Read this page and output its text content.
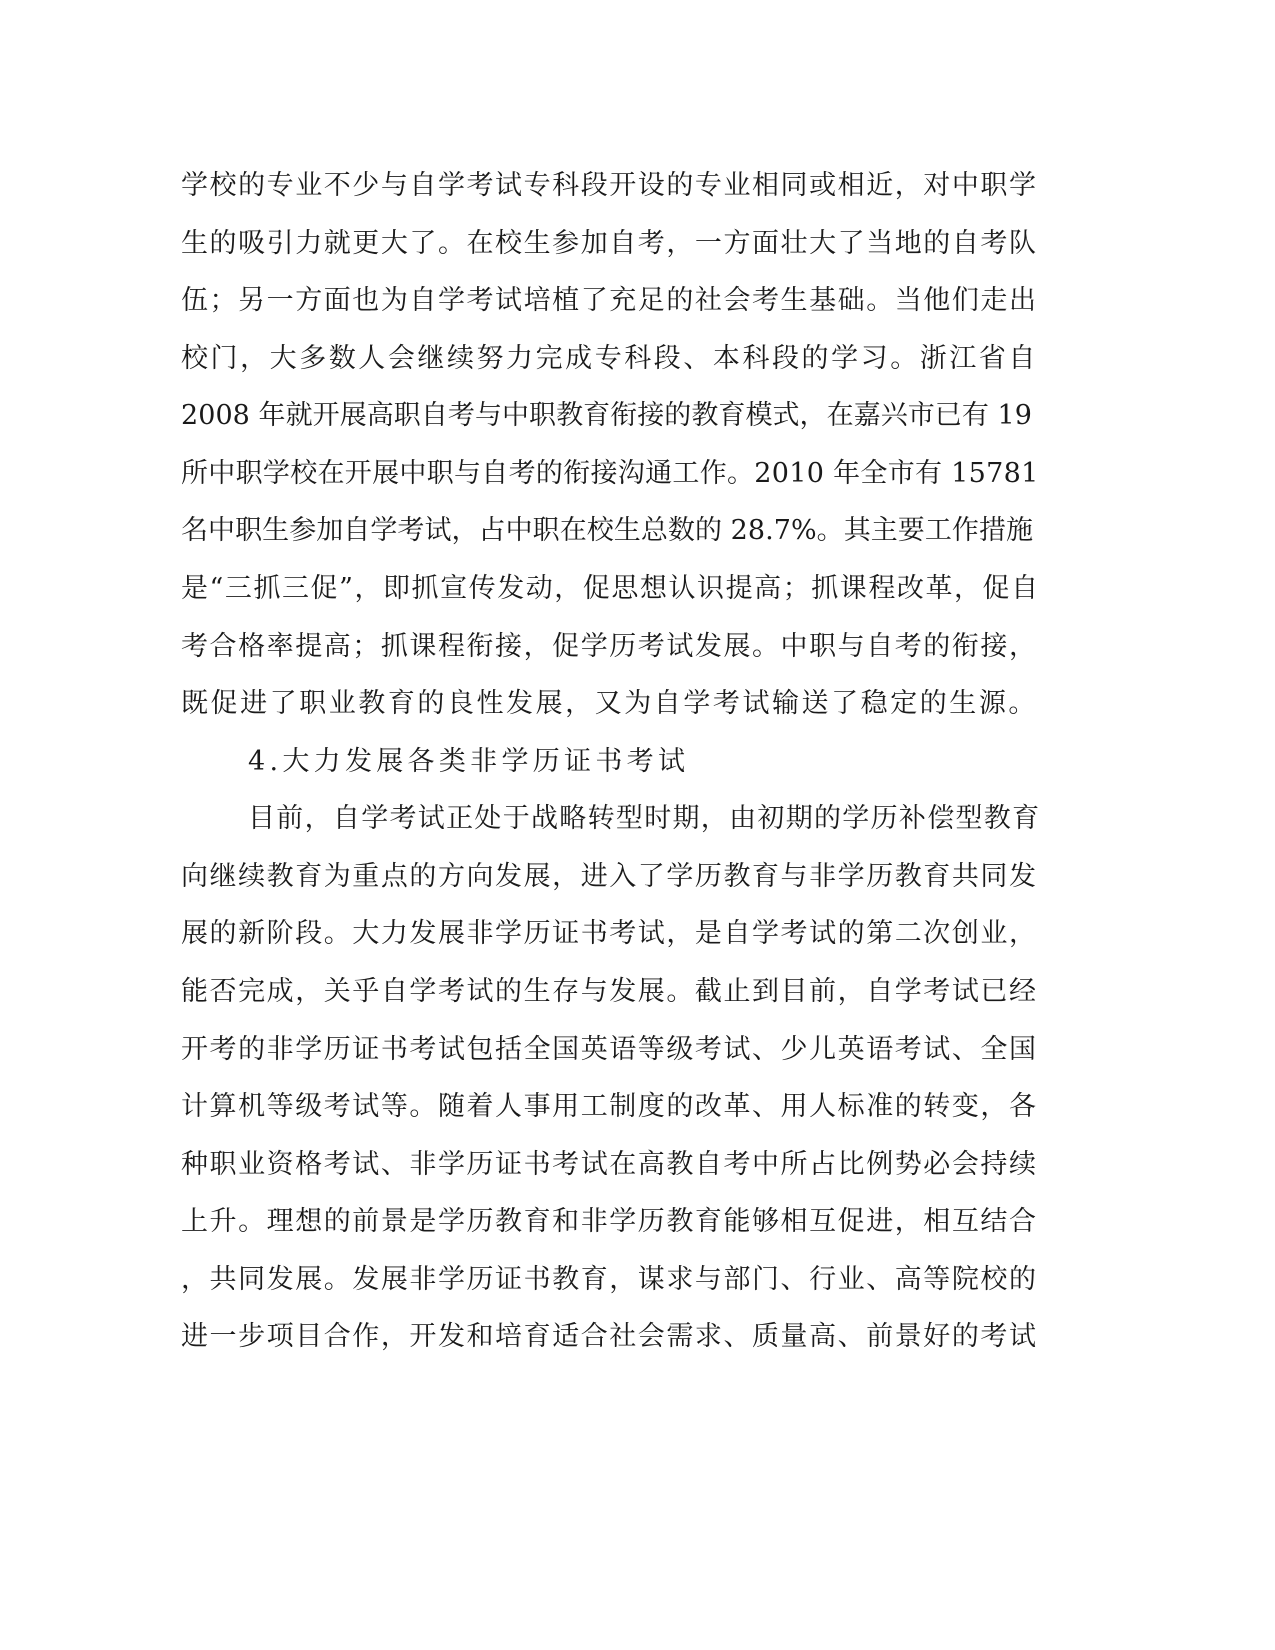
学校的专业不少与自学考试专科段开设的专业相同或相近，对中职学

生的吸引力就更大了。在校生参加自考，一方面壮大了当地的自考队

伍；另一方面也为自学考试培植了充足的社会考生基础。当他们走出

校门，大多数人会继续努力完成专科段、本科段的学习。浙江省自

2008 年就开展高职自考与中职教育衔接的教育模式，在嘉兴市已有 19

所中职学校在开展中职与自考的衔接沟通工作。2010 年全市有 15781

名中职生参加自学考试，占中职在校生总数的 28.7%。其主要工作措施

是“三抓三促”，即抓宣传发动，促思想认识提高；抓课程改革，促自

考合格率提高；抓课程衔接，促学历考试发展。中职与自考的衔接，

既促进了职业教育的良性发展，又为自学考试输送了稳定的生源。

4.大力发展各类非学历证书考试

目前，自学考试正处于战略转型时期，由初期的学历补偿型教育

向继续教育为重点的方向发展，进入了学历教育与非学历教育共同发

展的新阶段。大力发展非学历证书考试，是自学考试的第二次创业，

能否完成，关乎自学考试的生存与发展。截止到目前，自学考试已经

开考的非学历证书考试包括全国英语等级考试、少儿英语考试、全国

计算机等级考试等。随着人事用工制度的改革、用人标准的转变，各

种职业资格考试、非学历证书考试在高教自考中所占比例势必会持续

上升。理想的前景是学历教育和非学历教育能够相互促进，相互结合

，共同发展。发展非学历证书教育，谋求与部门、行业、高等院校的

进一步项目合作，开发和培育适合社会需求、质量高、前景好的考试
